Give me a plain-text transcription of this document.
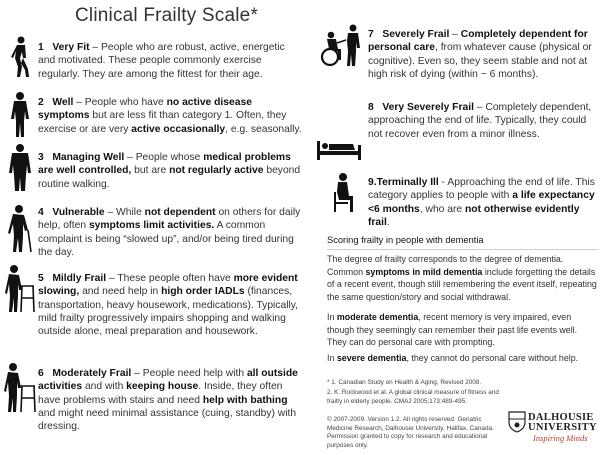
Clinical Frailty Scale*
1 Very Fit – People who are robust, active, energetic and motivated. These people commonly exercise regularly. They are among the fittest for their age.
2 Well – People who have no active disease symptoms but are less fit than category 1. Often, they exercise or are very active occasionally, e.g. seasonally.
3 Managing Well – People whose medical problems are well controlled, but are not regularly active beyond routine walking.
4 Vulnerable – While not dependent on others for daily help, often symptoms limit activities. A common complaint is being “slowed up”, and/or being tired during the day.
5 Mildly Frail – These people often have more evident slowing, and need help in high order IADLs (finances, transportation, heavy housework, medications). Typically, mild frailty progressively impairs shopping and walking outside alone, meal preparation and housework.
6 Moderately Frail – People need help with all outside activities and with keeping house. Inside, they often have problems with stairs and need help with bathing and might need minimal assistance (cuing, standby) with dressing.
7 Severely Frail – Completely dependent for personal care, from whatever cause (physical or cognitive). Even so, they seem stable and not at high risk of dying (within ~ 6 months).
8 Very Severely Frail – Completely dependent, approaching the end of life. Typically, they could not recover even from a minor illness.
9.Terminally Ill - Approaching the end of life. This category applies to people with a life expectancy <6 months, who are not otherwise evidently frail.
Scoring frailty in people with dementia
The degree of frailty corresponds to the degree of dementia. Common symptoms in mild dementia include forgetting the details of a recent event, though still remembering the event itself, repeating the same question/story and social withdrawal.
In moderate dementia, recent memory is very impaired, even though they seemingly can remember their past life events well. They can do personal care with prompting.
In severe dementia, they cannot do personal care without help.
* 1. Canadian Study on Health & Aging, Revised 2008.
2. K. Rockwood et al. A global clinical measure of fitness and frailty in elderly people. CMAJ 2005;173:489-495.
© 2007-2009. Version 1.2. All rights reserved. Geriatric Medicine Research, Dalhousie University, Halifax, Canada. Permission granted to copy for research and educational purposes only.
DALHOUSIE
UNIVERSITY
Inspiring Minds
